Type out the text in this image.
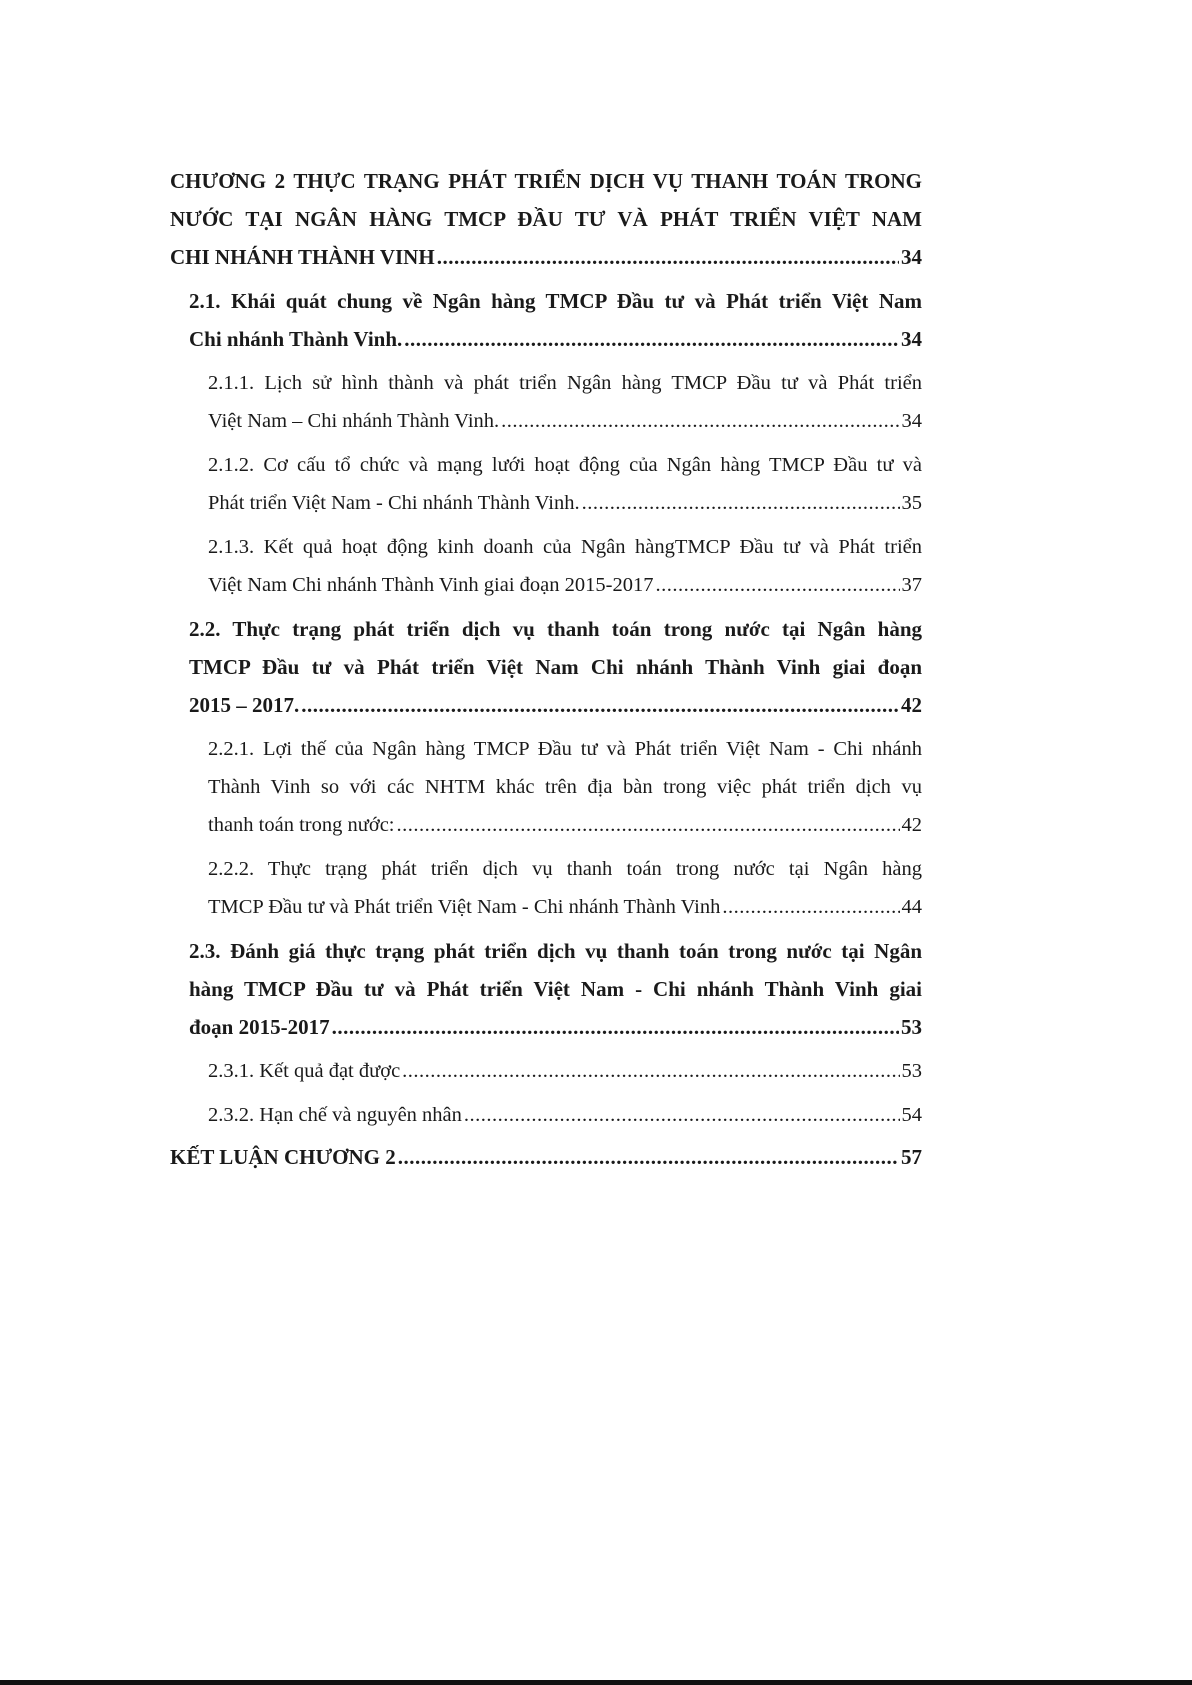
CHƯƠNG 2 THỰC TRẠNG PHÁT TRIỂN DỊCH VỤ THANH TOÁN TRONG
NƯỚC TẠI NGÂN HÀNG TMCP ĐẦU TƯ VÀ PHÁT TRIỂN VIỆT NAM
CHI NHÁNH THÀNH VINH .....	34
2.1. Khái quát chung về Ngân hàng TMCP Đầu tư và Phát triển Việt Nam
Chi nhánh Thành Vinh. .....	34
2.1.1. Lịch sử hình thành và phát triển Ngân hàng TMCP Đầu tư và Phát triển
Việt Nam – Chi nhánh Thành Vinh. .....	34
2.1.2. Cơ cấu tổ chức và mạng lưới hoạt động của Ngân hàng TMCP Đầu tư và
Phát triển Việt Nam - Chi nhánh Thành Vinh. .....	35
2.1.3. Kết quả hoạt động kinh doanh của Ngân hàngTMCP Đầu tư và Phát triển
Việt Nam Chi nhánh Thành Vinh giai đoạn 2015-2017 .....	37
2.2. Thực trạng phát triển dịch vụ thanh toán trong nước tại Ngân hàng
TMCP Đầu tư và Phát triển Việt Nam Chi nhánh Thành Vinh giai đoạn
2015 – 2017. .....	42
2.2.1. Lợi thế của Ngân hàng TMCP Đầu tư và Phát triển Việt Nam - Chi nhánh
Thành Vinh so với các NHTM khác trên địa bàn trong việc phát triển dịch vụ
thanh toán trong nước: .....	42
2.2.2. Thực trạng phát triển dịch vụ thanh toán trong nước tại Ngân hàng
TMCP Đầu tư và Phát triển Việt Nam - Chi nhánh Thành Vinh .....	44
2.3. Đánh giá thực trạng phát triển dịch vụ thanh toán trong nước tại Ngân
hàng TMCP Đầu tư và Phát triển Việt Nam - Chi nhánh Thành Vinh giai
đoạn 2015-2017 .....	53
2.3.1. Kết quả đạt được .....	53
2.3.2. Hạn chế và nguyên nhân .....	54
KẾT LUẬN CHƯƠNG 2 .....	57
